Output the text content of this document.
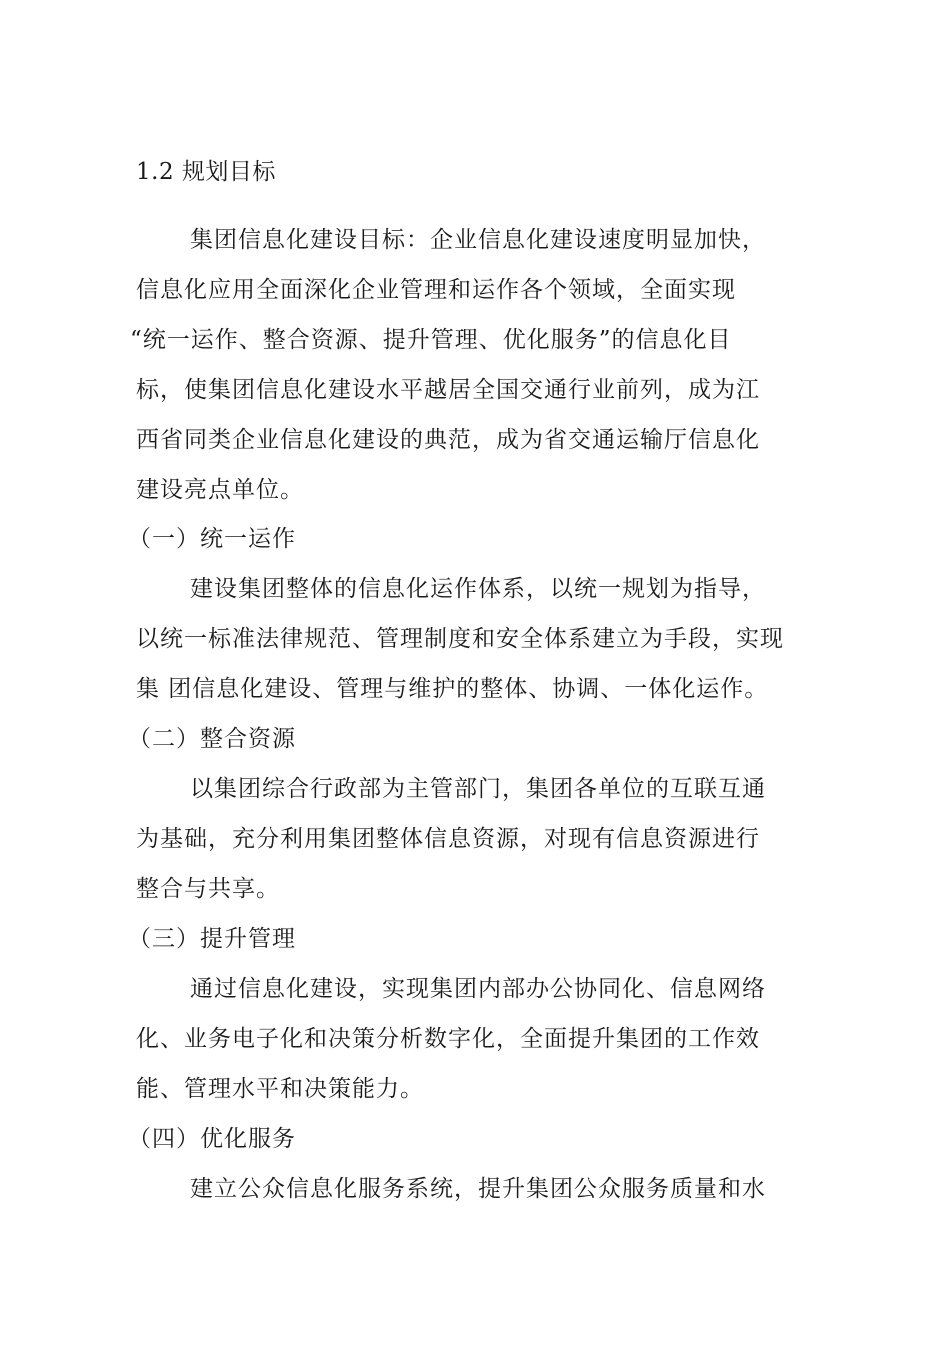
1.2 规划目标
集团信息化建设目标：企业信息化建设速度明显加快，
信息化应用全面深化企业管理和运作各个领域，全面实现
“统一运作、整合资源、提升管理、优化服务”的信息化目
标，使集团信息化建设水平越居全国交通行业前列，成为江
西省同类企业信息化建设的典范，成为省交通运输厅信息化
建设亮点单位。
（一）统一运作
建设集团整体的信息化运作体系，以统一规划为指导，
以统一标准法律规范、管理制度和安全体系建立为手段，实现
集 团信息化建设、管理与维护的整体、协调、一体化运作。
（二）整合资源
以集团综合行政部为主管部门，集团各单位的互联互通
为基础，充分利用集团整体信息资源，对现有信息资源进行
整合与共享。
（三）提升管理
通过信息化建设，实现集团内部办公协同化、信息网络
化、业务电子化和决策分析数字化，全面提升集团的工作效
能、管理水平和决策能力。
（四）优化服务
建立公众信息化服务系统，提升集团公众服务质量和水
